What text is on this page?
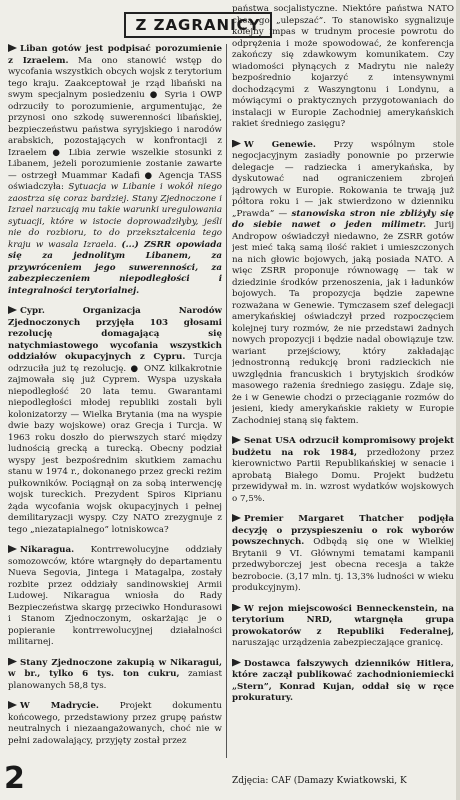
Z ZAGRANICY

Liban gotów jest podpisać porozumienie z Izraelem. Ma ono stanowić wstęp do wycofania wszystkich obcych wojsk z terytorium tego kraju. Zaakceptował je rząd libański na swym specjalnym posiedzeniu ● Syria i OWP odrzuciły to porozumienie, argumentując, że przynosi ono szkodę suwerenności libańskiej, bezpieczeństwu państwa syryjskiego i narodów arabskich, pozostających w konfrontacji z Izraelem ● Libia zerwie wszelkie stosunki z Libanem, jeżeli porozumienie zostanie zawarte — ostrzegł Muammar Kadafi ● Agencja TASS oświadczyła: Sytuacja w Libanie i wokół niego zaostrza się coraz bardziej. Stany Zjednoczone i Izrael narzucają mu takie warunki uregulowania sytuacji, które w istocie doprowadziłyby, jeśli nie do rozbioru, to do przekształcenia tego kraju w wasala Izraela. (...) ZSRR opowiada się za jednolitym Libanem, za przywróceniem jego suwerenności, za zabezpieczeniem niepodległości i integralności terytorialnej.

Cypr. Organizacja Narodów Zjednoczonych przyjęła 103 głosami rezolucję domagającą się natychmiastowego wycofania wszystkich oddziałów okupacyjnych z Cypru. Turcja odrzuciła już tę rezolucję. ● ONZ kilkakrotnie zajmowała się już Cyprem. Wyspa uzyskała niepodległość 20 lata temu. Gwarantami niepodległości młodej republiki zostali byli kolonizatorzy — Wielka Brytania (ma na wyspie dwie bazy wojskowe) oraz Grecja i Turcja. W 1963 roku doszło do pierwszych starć między ludnością grecką a turecką. Obecny podział wyspy jest bezpośrednim skutkiem zamachu stanu w 1974 r., dokonanego przez grecki reżim pułkowników. Pociągnął on za sobą interwencję wojsk tureckich. Prezydent Spiros Kiprianu żąda wycofania wojsk okupacyjnych i pełnej demilitaryzacji wyspy. Czy NATO zrezygnuje z tego „niezatapialnego” lotniskowca?

Nikaragua. Kontrrewolucyjne oddziały somozowców, które wtargnęły do departamentu Nueva Segovia, Jintega i Matagalpa, zostały rozbite przez oddziały sandinowskiej Armii Ludowej. Nikaragua wniosła do Rady Bezpieczeństwa skargę przeciwko Hondurasowi i Stanom Zjednoczonym, oskarżając je o popieranie kontrrewolucyjnej działalności militarnej.

Stany Zjednoczone zakupią w Nikaragui, w br., tylko 6 tys. ton cukru, zamiast planowanych 58,8 tys.

W Madrycie. Projekt dokumentu końcowego, przedstawiony przez grupę państw neutralnych i niezaangażowanych, choć nie w pełni zadowalający, przyjęty został przez

państwa socjalistyczne. Niektóre państwa NATO chcą go „ulepszać”. To stanowisko sygnalizuje kolejny impas w trudnym procesie powrotu do odprężenia i może spowodować, że konferencja zakończy się zdawkowym komunikatem. Czy wiadomości płynących z Madrytu nie należy bezpośrednio kojarzyć z intensywnymi dochodzącymi z Waszyngtonu i Londynu, a mówiącymi o praktycznych przygotowaniach do instalacji w Europie Zachodniej amerykańskich rakiet średniego zasięgu?

W Genewie. Przy wspólnym stole negocjacyjnym zasiadły ponownie po przerwie delegacje — radziecka i amerykańska, by dyskutować nad ograniczeniem zbrojeń jądrowych w Europie. Rokowania te trwają już półtora roku i — jak stwierdzono w dzienniku „Prawda” — stanowiska stron nie zbliżyły się do siebie nawet o jeden milimetr. Jurij Andropow oświadczył niedawno, że ZSRR gotów jest mieć taką samą ilość rakiet i umieszczonych na nich głowic bojowych, jaką posiada NATO. A więc ZSRR proponuje równowagę — tak w dziedzinie środków przenoszenia, jak i ładunków bojowych. Ta propozycja będzie zapewne rozważana w Genewie. Tymczasem szef delegacji amerykańskiej oświadczył przed rozpoczęciem kolejnej tury rozmów, że nie przedstawi żadnych nowych propozycji i będzie nadal obowiązuje tzw. wariant przejściowy, który zakładając jednostronną redukcję broni radzieckich nie uwzględnia francuskich i brytyjskich środków masowego rażenia średniego zasięgu. Zdaje się, że i w Genewie chodzi o przeciąganie rozmów do jesieni, kiedy amerykańskie rakiety w Europie Zachodniej staną się faktem.

Senat USA odrzucił kompromisowy projekt budżetu na rok 1984, przedłożony przez kierownictwo Partii Republikańskiej w senacie i aprobatą Białego Domu. Projekt budżetu przewidywał m. in. wzrost wydatków wojskowych o 7,5%.

Premier Margaret Thatcher podjęła decyzję o przyspieszeniu o rok wyborów powszechnych. Odbędą się one w Wielkiej Brytanii 9 VI. Głównymi tematami kampanii przedwyborczej jest obecna recesja a także bezrobocie. (3,17 mln. tj. 13,3% ludności w wieku produkcyjnym).

W rejon miejscowości Benneckenstein, na terytorium NRD, wtargnęła grupa prowokatorów z Republiki Federalnej, naruszając urządzenia zabezpieczające granicę.

Dostawca fałszywych dzienników Hitlera, które zaczął publikować zachodnioniemiecki „Stern”, Konrad Kujan, oddał się w ręce prokuratury.

2	Zdjęcia: CAF (Damazy Kwiatkowski, K
